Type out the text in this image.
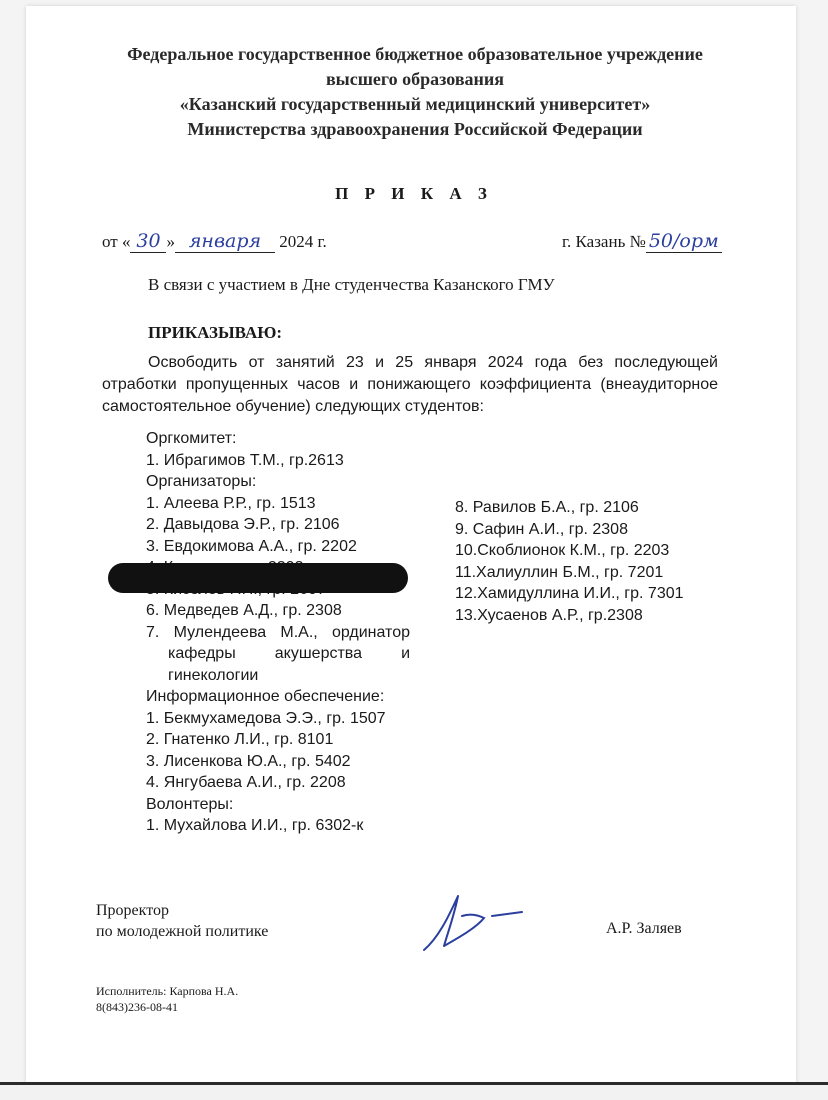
Федеральное государственное бюджетное образовательное учреждение
высшего образования
«Казанский государственный медицинский университет»
Министерства здравоохранения Российской Федерации
П Р И К А З
от « 30 » января 2024 г.	г. Казань № 50/орм
В связи с участием в Дне студенчества Казанского ГМУ
ПРИКАЗЫВАЮ:
Освободить от занятий 23 и 25 января 2024 года без последующей отработки пропущенных часов и понижающего коэффициента (внеаудиторное самостоятельное обучение) следующих студентов:
Оргкомитет:
1. Ибрагимов Т.М., гр.2613
Организаторы:
1. Алеева Р.Р., гр. 1513
2. Давыдова Э.Р., гр. 2106
3. Евдокимова А.А., гр. 2202
6. Медведев А.Д., гр. 2308
7. Мулендеева М.А., ординатор кафедры акушерства и гинекологии
Информационное обеспечение:
1. Бекмухамедова Э.Э., гр. 1507
2. Гнатенко Л.И., гр. 8101
3. Лисенкова Ю.А., гр. 5402
4. Янгубаева А.И., гр. 2208
Волонтеры:
1. Мухайлова И.И., гр. 6302-к
8. Равилов Б.А., гр. 2106
9. Сафин А.И., гр. 2308
10.Скоблионок К.М., гр. 2203
11.Халиуллин Б.М., гр. 7201
12.Хамидуллина И.И., гр. 7301
13.Хусаенов А.Р., гр.2308
Проректор
по молодежной политике	А.Р. Заляев
Исполнитель: Карпова Н.А.
8(843)236-08-41
